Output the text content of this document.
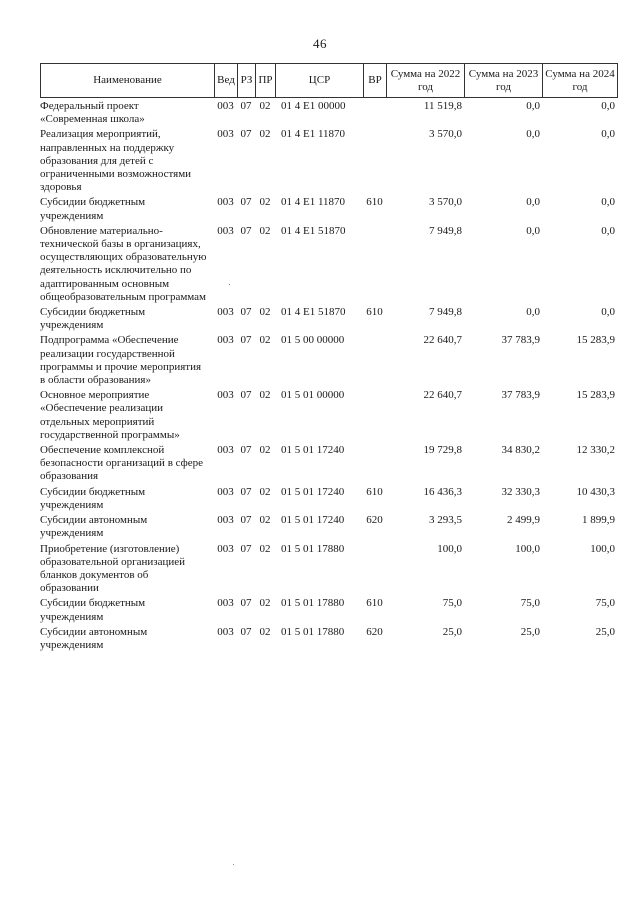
46
Наименование	Вед	РЗ	ПР	ЦСР	ВР	Сумма на 2022 год	Сумма на 2023 год	Сумма на 2024 год
Федеральный проект «Современная школа»	003	07	02	01 4 E1 00000		11 519,8	0,0	0,0

Реализация мероприятий, направленных на поддержку образования для детей с ограниченными возможностями здоровья	003	07	02	01 4 E1 11870		3 570,0	0,0	0,0

Субсидии бюджетным учреждениям	003	07	02	01 4 E1 11870	610	3 570,0	0,0	0,0

Обновление материально-технической базы в организациях, осуществляющих образовательную деятельность исключительно по адаптированным основным общеобразовательным программам	003	07	02	01 4 E1 51870		7 949,8	0,0	0,0

Субсидии бюджетным учреждениям	003	07	02	01 4 E1 51870	610	7 949,8	0,0	0,0

Подпрограмма «Обеспечение реализации государственной программы и прочие мероприятия в области образования»	003	07	02	01 5 00 00000		22 640,7	37 783,9	15 283,9

Основное мероприятие «Обеспечение реализации отдельных мероприятий государственной программы»	003	07	02	01 5 01 00000		22 640,7	37 783,9	15 283,9

Обеспечение комплексной безопасности организаций в сфере образования	003	07	02	01 5 01 17240		19 729,8	34 830,2	12 330,2

Субсидии бюджетным учреждениям	003	07	02	01 5 01 17240	610	16 436,3	32 330,3	10 430,3

Субсидии автономным учреждениям	003	07	02	01 5 01 17240	620	3 293,5	2 499,9	1 899,9

Приобретение (изготовление) образовательной организацией бланков документов об образовании	003	07	02	01 5 01 17880		100,0	100,0	100,0

Субсидии бюджетным учреждениям	003	07	02	01 5 01 17880	610	75,0	75,0	75,0

Субсидии автономным учреждениям	003	07	02	01 5 01 17880	620	25,0	25,0	25,0
